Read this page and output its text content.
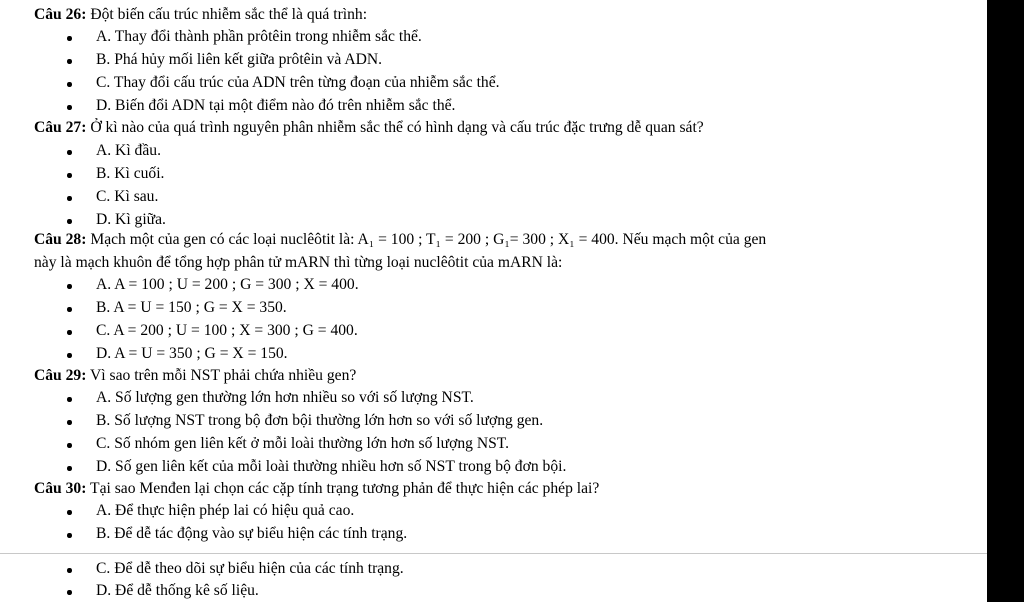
Câu 26: Đột biến cấu trúc nhiễm sắc thể là quá trình:
A. Thay đổi thành phần prôtêin trong nhiễm sắc thể.
B. Phá hủy mối liên kết giữa prôtêin và ADN.
C. Thay đổi cấu trúc của ADN trên từng đoạn của nhiễm sắc thể.
D. Biến đổi ADN tại một điểm nào đó trên nhiễm sắc thể.
Câu 27: Ở kì nào của quá trình nguyên phân nhiễm sắc thể có hình dạng và cấu trúc đặc trưng dễ quan sát?
A. Kì đầu.
B. Kì cuối.
C. Kì sau.
D. Kì giữa.
Câu 28: Mạch một của gen có các loại nuclêôtit là: A₁ = 100 ; T₁ = 200 ; G₁= 300 ; X₁ = 400. Nếu mạch một của gen
này là mạch khuôn để tổng hợp phân tử mARN thì từng loại nuclêôtit của mARN là:
A. A = 100 ; U = 200 ; G = 300 ; X = 400.
B. A = U = 150 ; G = X = 350.
C. A = 200 ; U = 100 ; X = 300 ; G = 400.
D. A = U = 350 ; G = X = 150.
Câu 29: Vì sao trên mỗi NST phải chứa nhiều gen?
A. Số lượng gen thường lớn hơn nhiều so với số lượng NST.
B. Số lượng NST trong bộ đơn bội thường lớn hơn so với số lượng gen.
C. Số nhóm gen liên kết ở mỗi loài thường lớn hơn số lượng NST.
D. Số gen liên kết của mỗi loài thường nhiều hơn số NST trong bộ đơn bội.
Câu 30: Tại sao Menđen lại chọn các cặp tính trạng tương phản để thực hiện các phép lai?
A. Để thực hiện phép lai có hiệu quả cao.
B. Để dễ tác động vào sự biểu hiện các tính trạng.
C. Để dễ theo dõi sự biểu hiện của các tính trạng.
D. Để dễ thống kê số liệu.
